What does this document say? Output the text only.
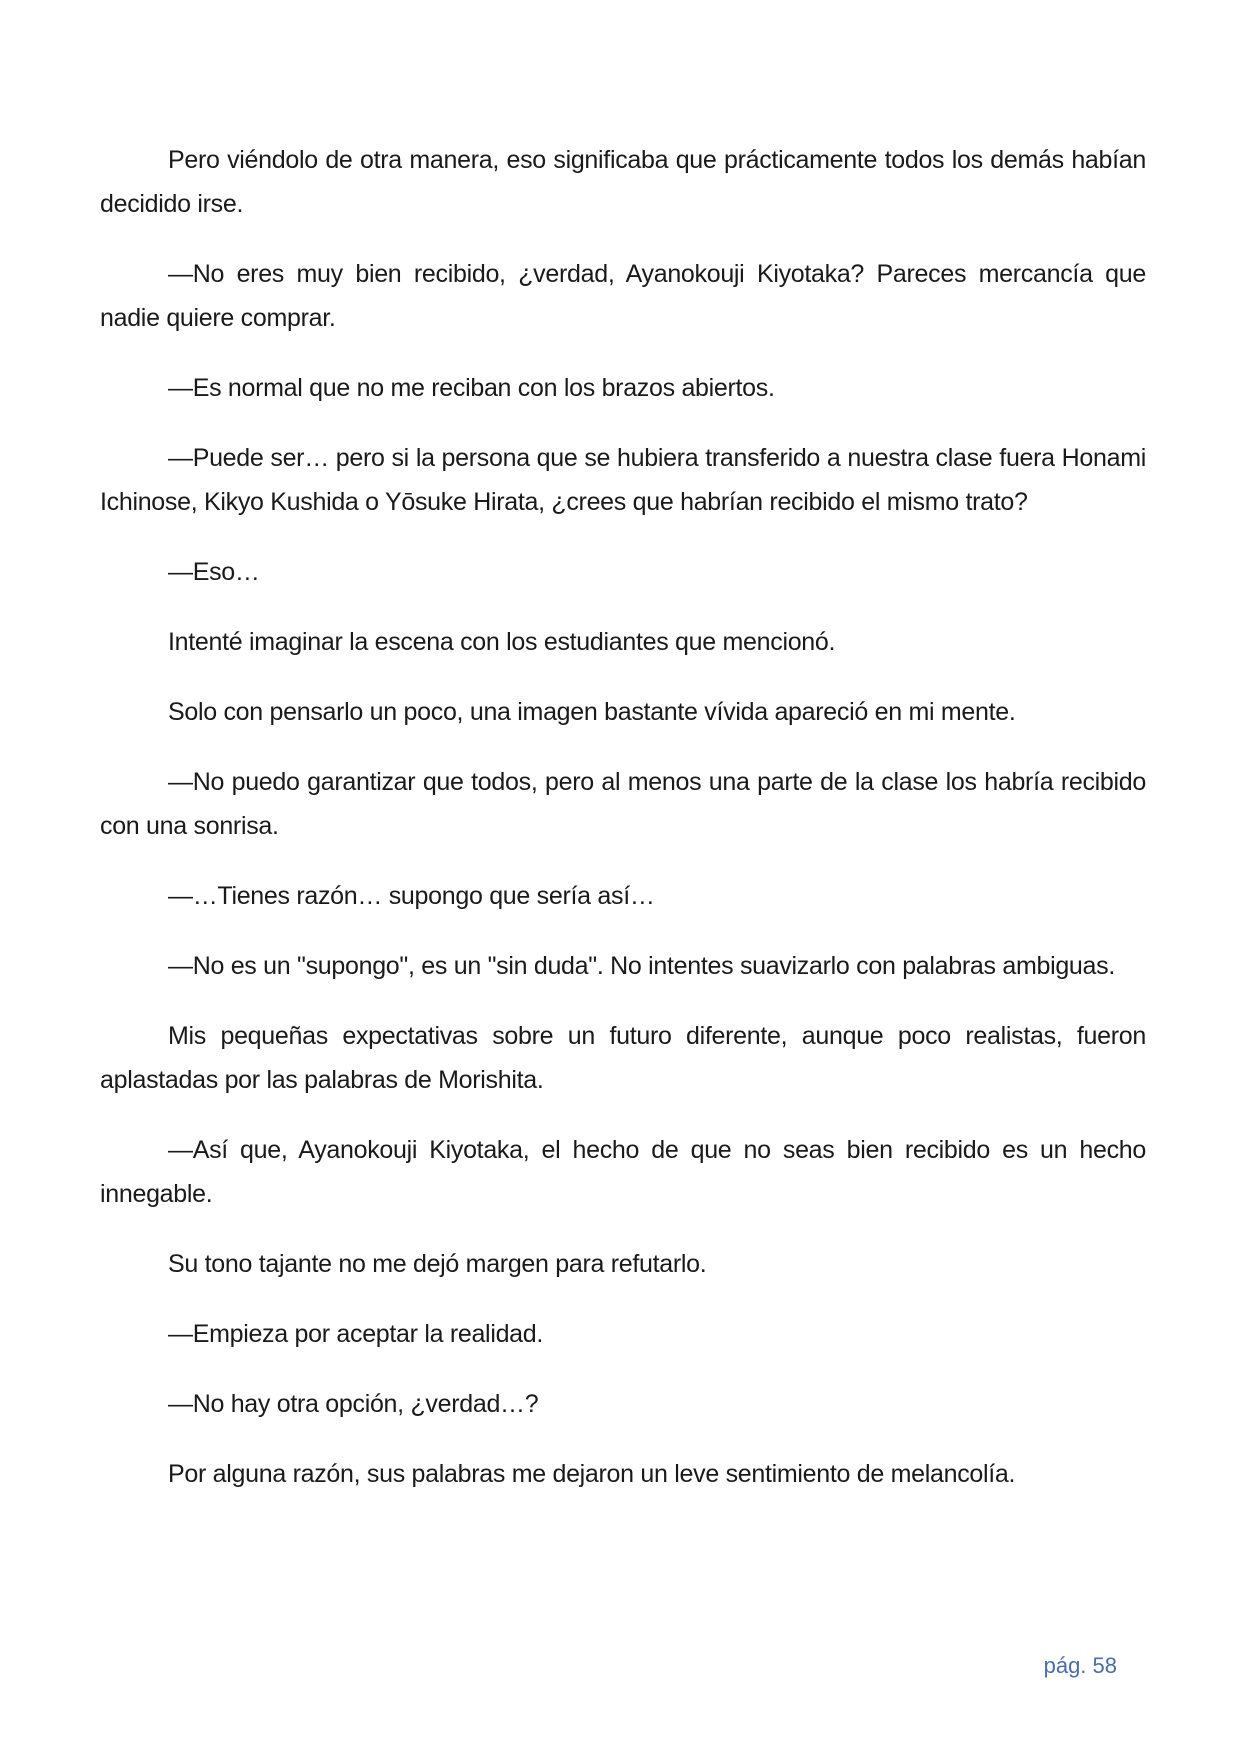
Pero viéndolo de otra manera, eso significaba que prácticamente todos los demás habían decidido irse.

—No eres muy bien recibido, ¿verdad, Ayanokouji Kiyotaka? Pareces mercancía que nadie quiere comprar.

—Es normal que no me reciban con los brazos abiertos.

—Puede ser… pero si la persona que se hubiera transferido a nuestra clase fuera Honami Ichinose, Kikyo Kushida o Yōsuke Hirata, ¿crees que habrían recibido el mismo trato?

—Eso…

Intenté imaginar la escena con los estudiantes que mencionó.

Solo con pensarlo un poco, una imagen bastante vívida apareció en mi mente.

—No puedo garantizar que todos, pero al menos una parte de la clase los habría recibido con una sonrisa.

—…Tienes razón… supongo que sería así…

—No es un "supongo", es un "sin duda". No intentes suavizarlo con palabras ambiguas.

Mis pequeñas expectativas sobre un futuro diferente, aunque poco realistas, fueron aplastadas por las palabras de Morishita.

—Así que, Ayanokouji Kiyotaka, el hecho de que no seas bien recibido es un hecho innegable.

Su tono tajante no me dejó margen para refutarlo.

—Empieza por aceptar la realidad.

—No hay otra opción, ¿verdad…?

Por alguna razón, sus palabras me dejaron un leve sentimiento de melancolía.

pág. 58
